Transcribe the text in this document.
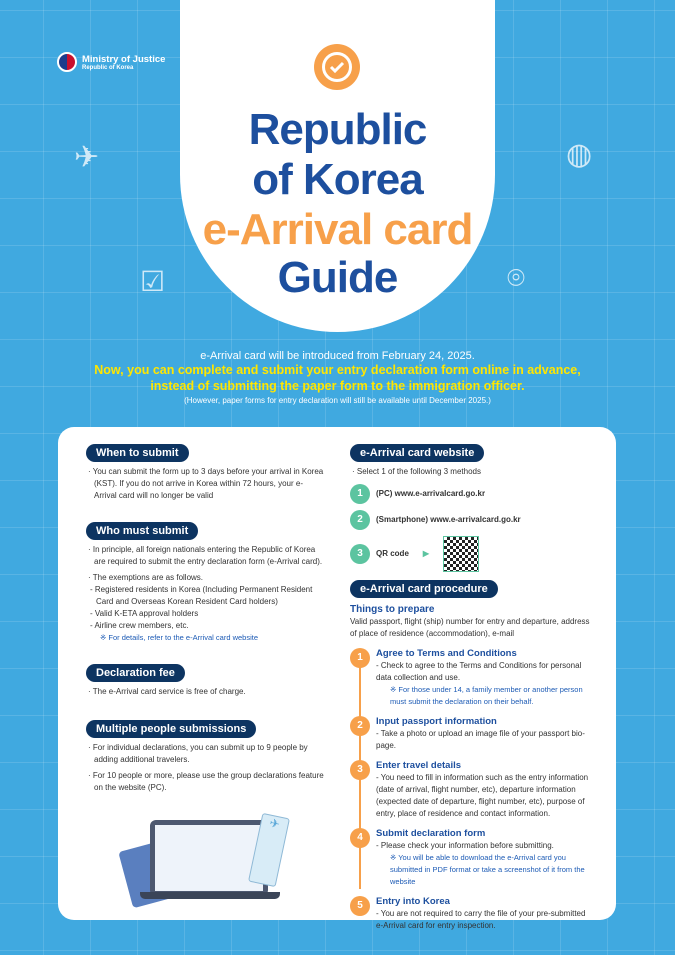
Ministry of Justice
Republic of Korea
✈	◍
☑	⌾
Republic
of Korea
e-Arrival card
Guide
e-Arrival card will be introduced from February 24, 2025.
Now, you can complete and submit your entry declaration form online in advance,
instead of submitting the paper form to the immigration officer.
(However, paper forms for entry declaration will still be available until December 2025.)
When to submit
· You can submit the form up to 3 days before your arrival in Korea (KST). If you do not arrive in Korea within 72 hours, your e-Arrival card will no longer be valid
Who must submit
· In principle, all foreign nationals entering the Republic of Korea are required to submit the entry declaration form (e-Arrival card).
· The exemptions are as follows.
- Registered residents in Korea (Including Permanent Resident Card and Overseas Korean Resident Card holders)
- Valid K-ETA approval holders
- Airline crew members, etc.
※ For details, refer to the e-Arrival card website
Declaration fee
· The e-Arrival card service is free of charge.
Multiple people submissions
· For individual declarations, you can submit up to 9 people by adding additional travelers.
· For 10 people or more, please use the group declarations feature on the website (PC).
e-Arrival card website
· Select 1 of the following 3 methods
1	(PC) www.e-arrivalcard.go.kr
2	(Smartphone) www.e-arrivalcard.go.kr
3	QR code ▶
e-Arrival card procedure
Things to prepare
Valid passport, flight (ship) number for entry and departure, address of place of residence (accommodation), e-mail
1	Agree to Terms and Conditions
- Check to agree to the Terms and Conditions for personal data collection and use.
※ For those under 14, a family member or another person must submit the declaration on their behalf.
2	Input passport information
- Take a photo or upload an image file of your passport bio-page.
3	Enter travel details
- You need to fill in information such as the entry information (date of arrival, flight number, etc), departure information (expected date of departure, flight number, etc), purpose of entry, place of residence and contact information.
4	Submit declaration form
- Please check your information before submitting.
※ You will be able to download the e-Arrival card you submitted in PDF format or take a screenshot of it from the website
5	Entry into Korea
- You are not required to carry the file of your pre-submitted e-Arrival card for entry inspection.
✈
